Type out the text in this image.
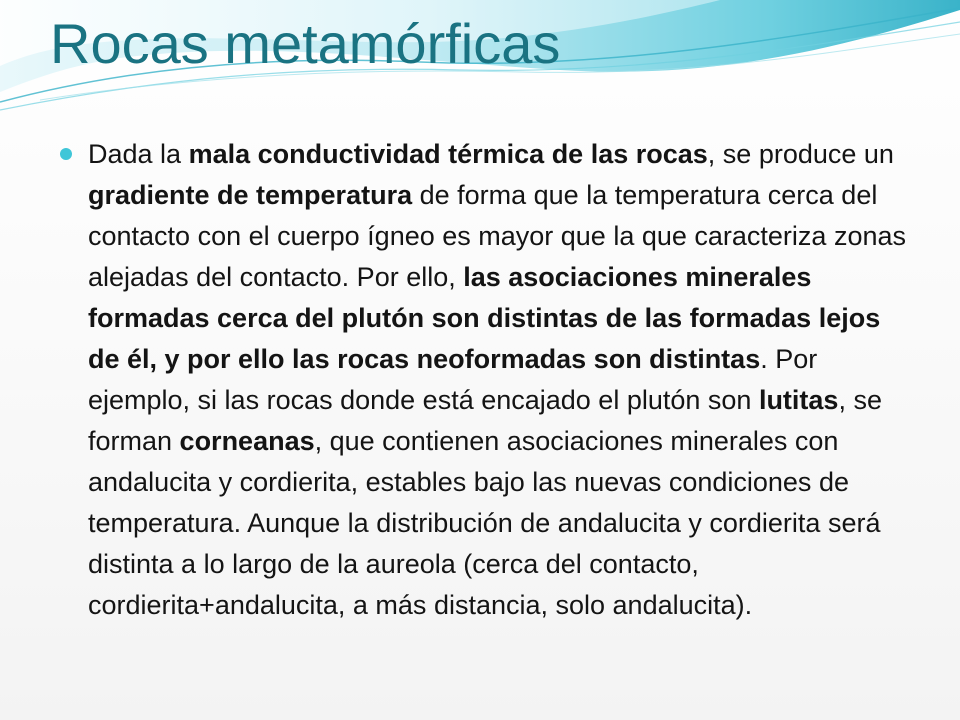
Rocas metamórficas

Dada la mala conductividad térmica de las rocas, se produce un gradiente de temperatura de forma que la temperatura cerca del contacto con el cuerpo ígneo es mayor que la que caracteriza zonas alejadas del contacto. Por ello, las asociaciones minerales formadas cerca del plutón son distintas de las formadas lejos de él, y por ello las rocas neoformadas son distintas. Por ejemplo, si las rocas donde está encajado el plutón son lutitas, se forman corneanas, que contienen asociaciones minerales con andalucita y cordierita, estables bajo las nuevas condiciones de temperatura. Aunque la distribución de andalucita y cordierita será distinta a lo largo de la aureola (cerca del contacto, cordierita+andalucita, a más distancia, solo andalucita).
